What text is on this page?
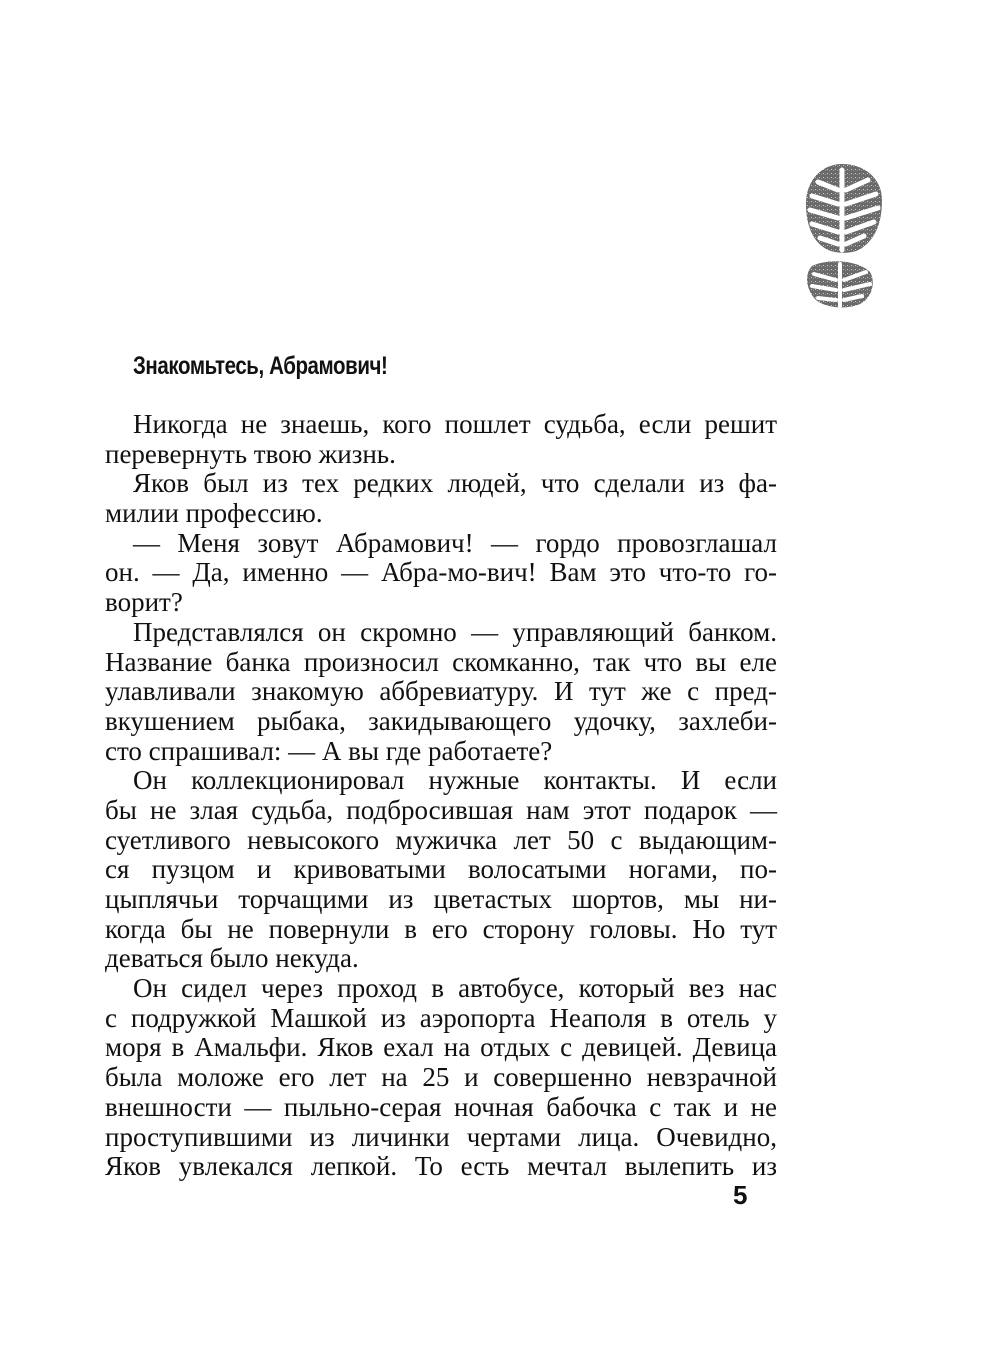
Знакомьтесь, Абрамович!
Никогда не знаешь, кого пошлет судьба, если решит
перевернуть твою жизнь.
Яков был из тех редких людей, что сделали из фа-
милии профессию.
— Меня зовут Абрамович! — гордо провозглашал
он. — Да, именно — Абра-мо-вич! Вам это что-то го-
ворит?
Представлялся он скромно — управляющий банком.
Название банка произносил скомканно, так что вы еле
улавливали знакомую аббревиатуру. И тут же с пред-
вкушением рыбака, закидывающего удочку, захлеби-
сто спрашивал: — А вы где работаете?
Он коллекционировал нужные контакты. И если
бы не злая судьба, подбросившая нам этот подарок —
суетливого невысокого мужичка лет 50 с выдающим-
ся пузцом и кривоватыми волосатыми ногами, по-
цыплячьи торчащими из цветастых шортов, мы ни-
когда бы не повернули в его сторону головы. Но тут
деваться было некуда.
Он сидел через проход в автобусе, который вез нас
с подружкой Машкой из аэропорта Неаполя в отель у
моря в Амальфи. Яков ехал на отдых с девицей. Девица
была моложе его лет на 25 и совершенно невзрачной
внешности — пыльно-серая ночная бабочка с так и не
проступившими из личинки чертами лица. Очевидно,
Яков увлекался лепкой. То есть мечтал вылепить из
5
